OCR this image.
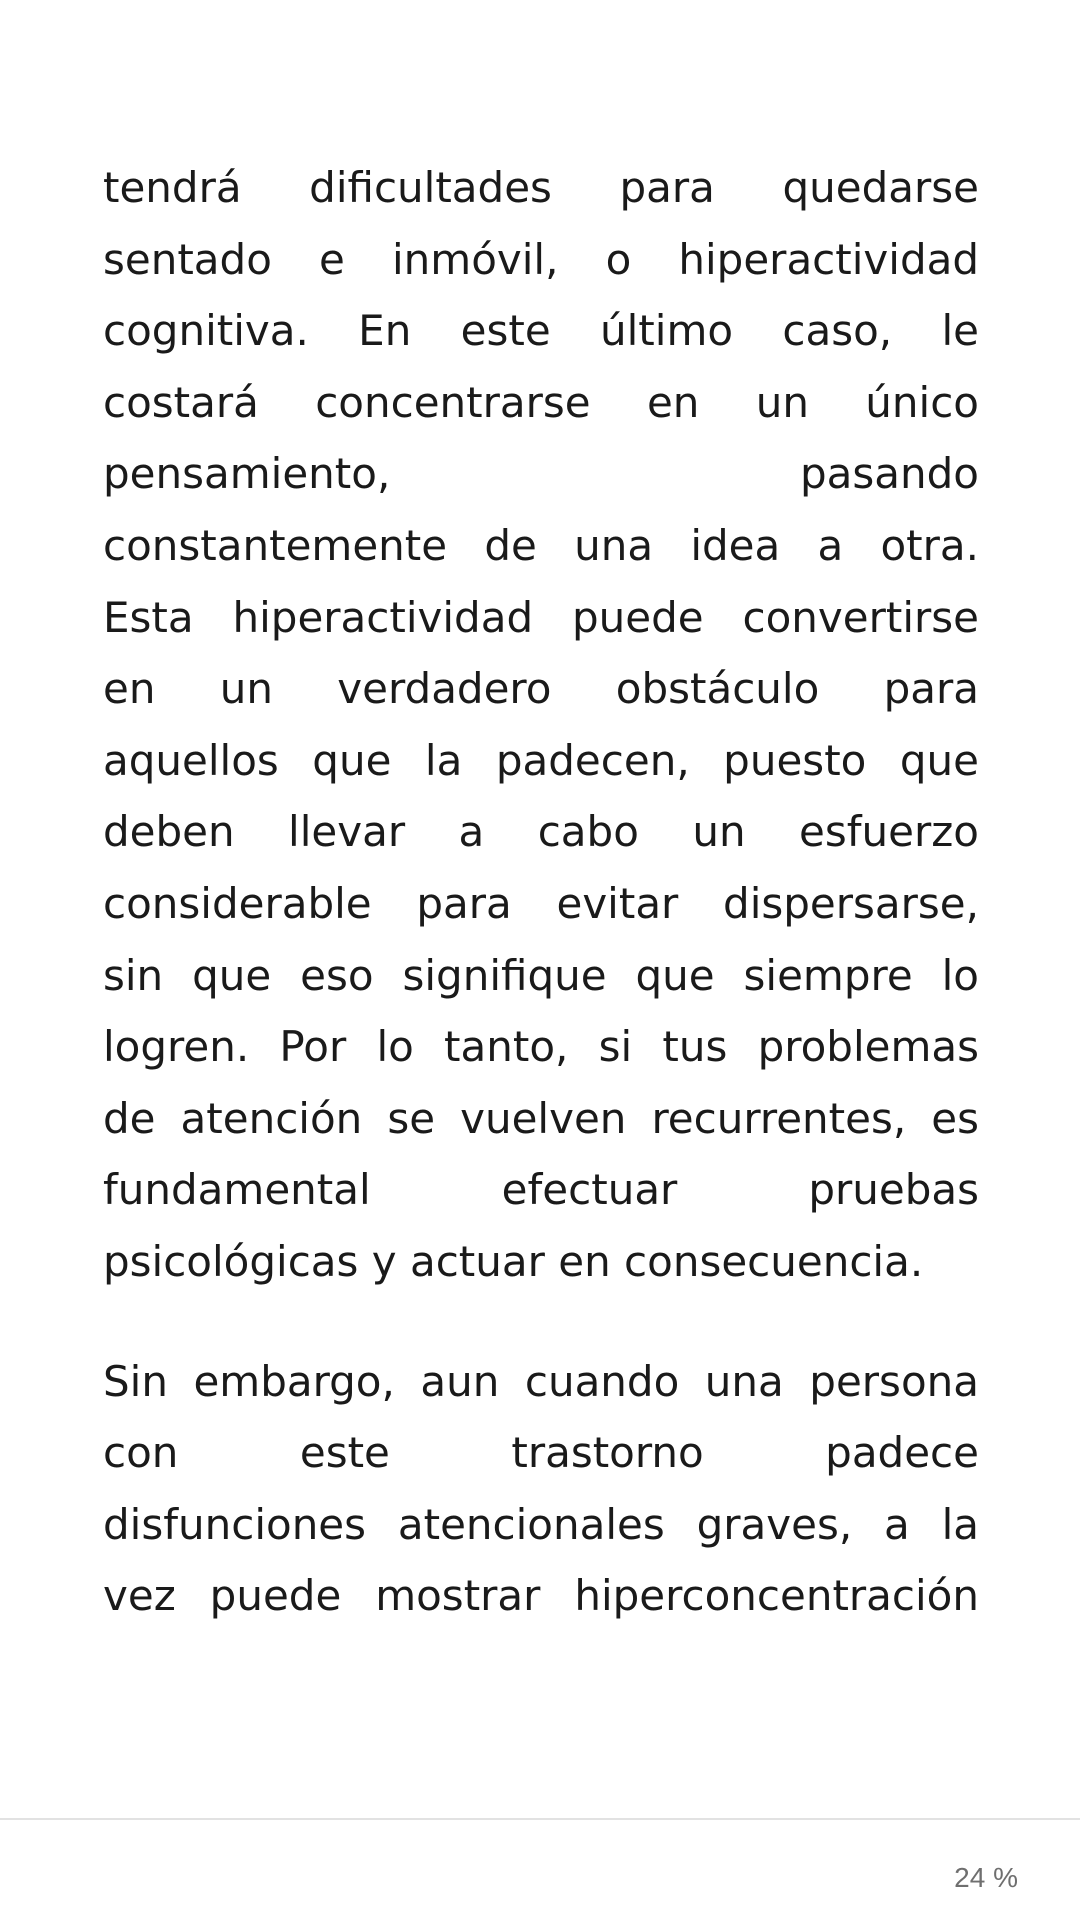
tendrá dificultades para quedarse
sentado e inmóvil, o hiperactividad
cognitiva. En este último caso, le
costará concentrarse en un único
pensamiento, pasando
constantemente de una idea a otra.
Esta hiperactividad puede convertirse
en un verdadero obstáculo para
aquellos que la padecen, puesto que
deben llevar a cabo un esfuerzo
considerable para evitar dispersarse,
sin que eso signifique que siempre lo
logren. Por lo tanto, si tus problemas
de atención se vuelven recurrentes, es
fundamental efectuar pruebas
psicológicas y actuar en consecuencia.
Sin embargo, aun cuando una persona
con este trastorno padece
disfunciones atencionales graves, a la
vez puede mostrar hiperconcentración
24 %
